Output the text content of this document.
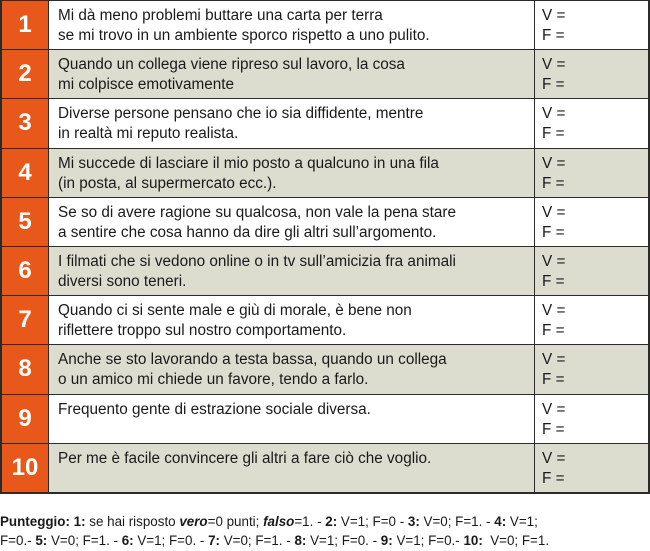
1	Mi dà meno problemi buttare una carta per terra
se mi trovo in un ambiente sporco rispetto a uno pulito.
V =
F =
2	Quando un collega viene ripreso sul lavoro, la cosa
mi colpisce emotivamente
V =
F =
3	Diverse persone pensano che io sia diffidente, mentre
in realtà mi reputo realista.
V =
F =
4	Mi succede di lasciare il mio posto a qualcuno in una fila
(in posta, al supermercato ecc.).
V =
F =
5	Se so di avere ragione su qualcosa, non vale la pena stare
a sentire che cosa hanno da dire gli altri sull’argomento.
V =
F =
6	I filmati che si vedono online o in tv sull’amicizia fra animali
diversi sono teneri.
V =
F =
7	Quando ci si sente male e giù di morale, è bene non
riflettere troppo sul nostro comportamento.
V =
F =
8	Anche se sto lavorando a testa bassa, quando un collega
o un amico mi chiede un favore, tendo a farlo.
V =
F =
9	Frequento gente di estrazione sociale diversa.
	V =
F =
10	Per me è facile convincere gli altri a fare ciò che voglio.
	V =
F =
Punteggio: 1: se hai risposto vero=0 punti; falso=1. - 2: V=1; F=0 - 3: V=0; F=1. - 4: V=1;
F=0.- 5: V=0; F=1. - 6: V=1; F=0. - 7: V=0; F=1. - 8: V=1; F=0. - 9: V=1; F=0.- 10:  V=0; F=1.
